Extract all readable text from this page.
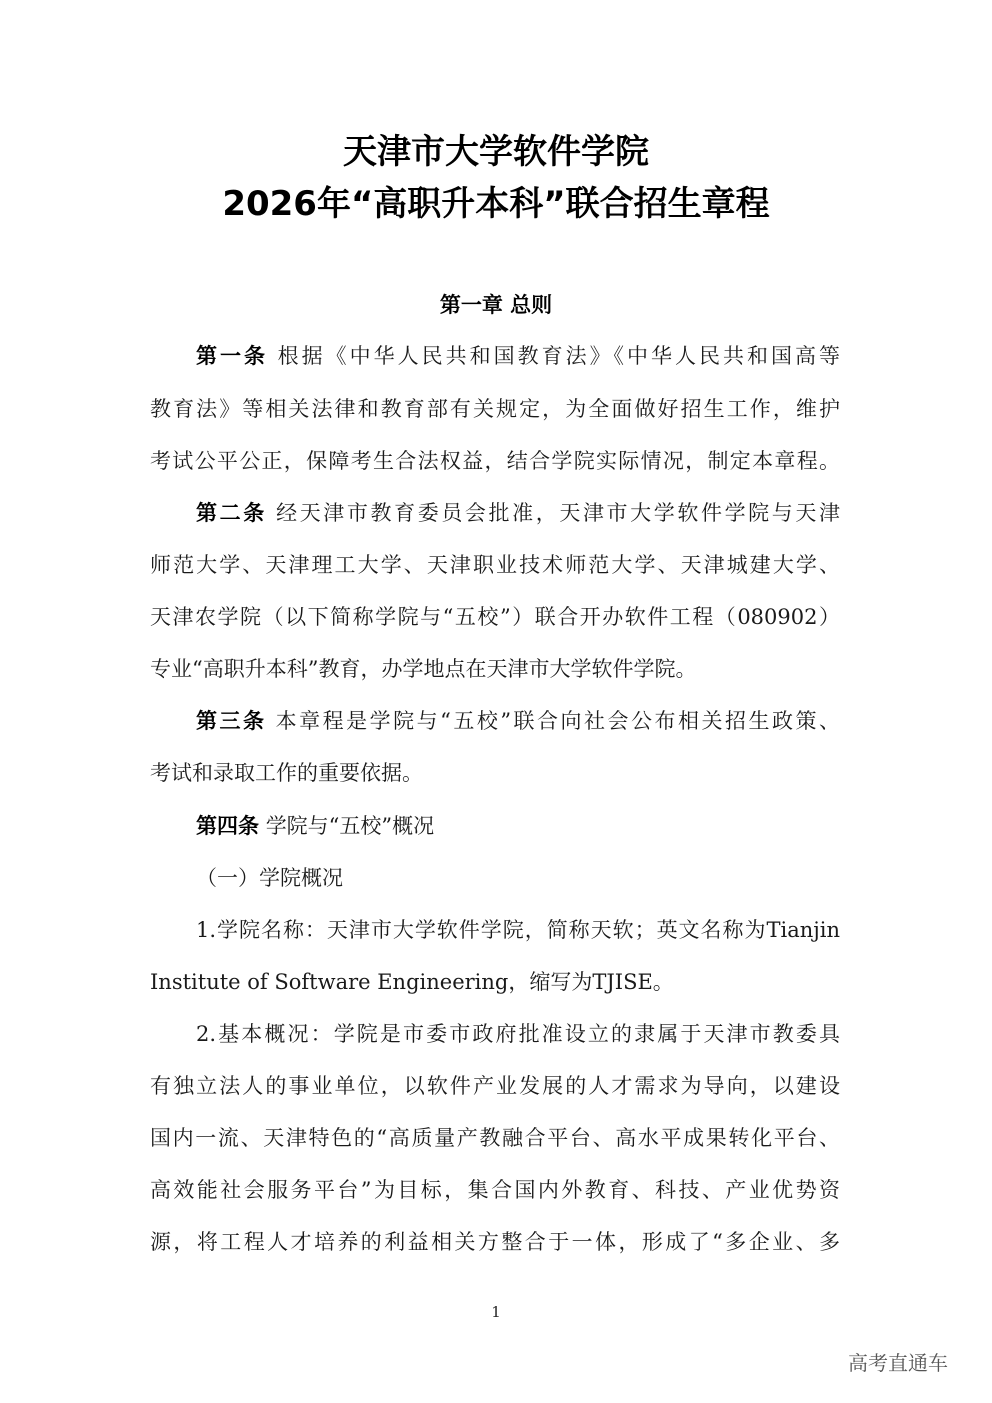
天津市大学软件学院
2026年“高职升本科”联合招生章程
第一章 总则
第一条 根据《中华人民共和国教育法》《中华人民共和国高等
教育法》等相关法律和教育部有关规定，为全面做好招生工作，维护
考试公平公正，保障考生合法权益，结合学院实际情况，制定本章程。
第二条 经天津市教育委员会批准，天津市大学软件学院与天津
师范大学、天津理工大学、天津职业技术师范大学、天津城建大学、
天津农学院（以下简称学院与“五校”）联合开办软件工程（080902）
专业“高职升本科”教育，办学地点在天津市大学软件学院。
第三条 本章程是学院与“五校”联合向社会公布相关招生政策、
考试和录取工作的重要依据。
第四条 学院与“五校”概况
（一）学院概况
1.学院名称：天津市大学软件学院，简称天软；英文名称为Tianjin
Institute of Software Engineering，缩写为TJISE。
2.基本概况：学院是市委市政府批准设立的隶属于天津市教委具
有独立法人的事业单位，以软件产业发展的人才需求为导向，以建设
国内一流、天津特色的“高质量产教融合平台、高水平成果转化平台、
高效能社会服务平台”为目标，集合国内外教育、科技、产业优势资
源，将工程人才培养的利益相关方整合于一体，形成了“多企业、多
1
高考直通车
